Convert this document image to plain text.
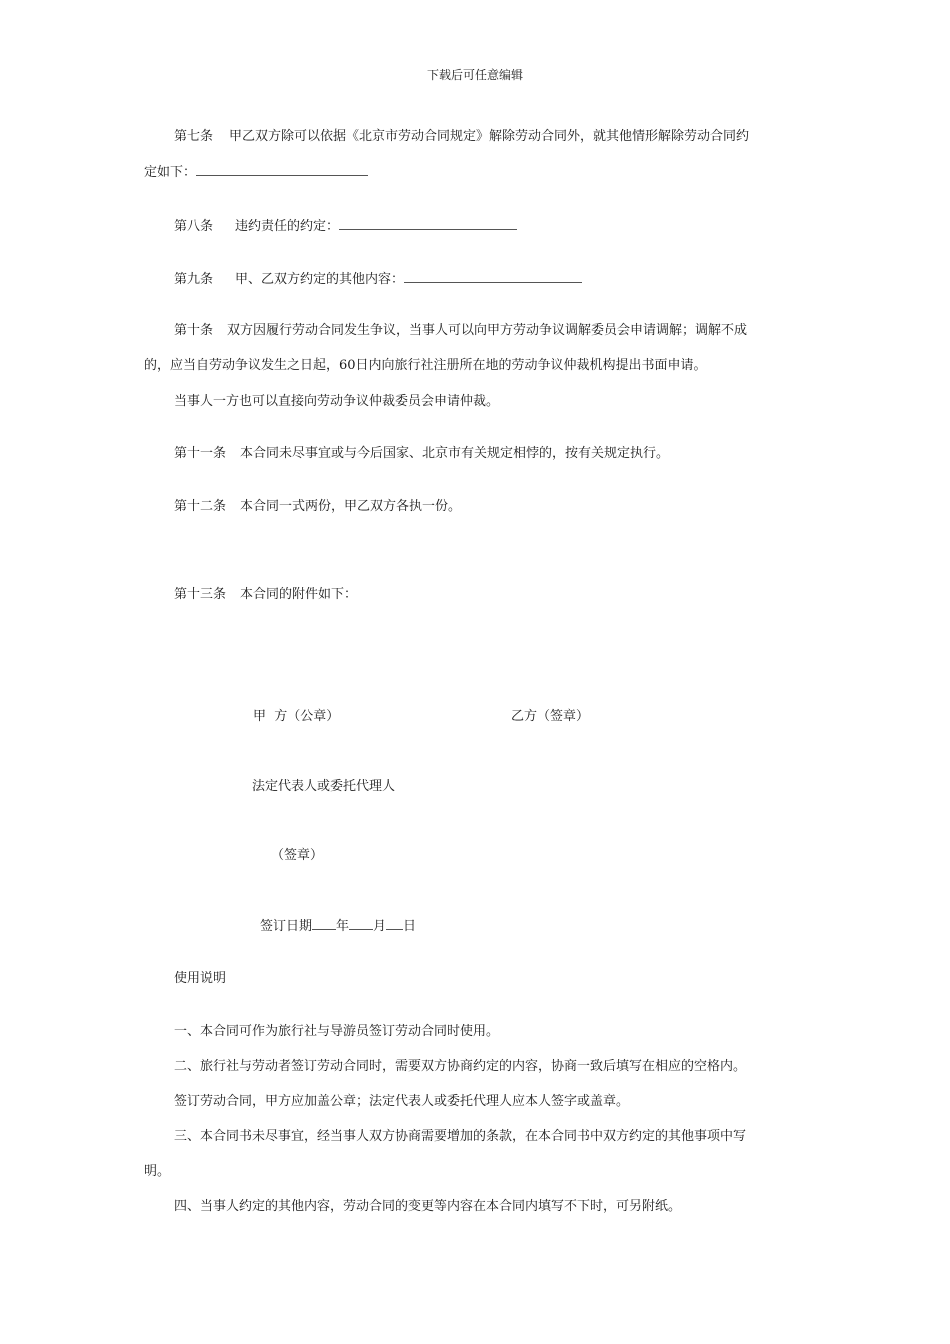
下载后可任意编辑
第七条 甲乙双方除可以依据《北京市劳动合同规定》解除劳动合同外，就其他情形解除劳动合同约
定如下：
第八条 违约责任的约定：
第九条 甲、乙双方约定的其他内容：
第十条 双方因履行劳动合同发生争议，当事人可以向甲方劳动争议调解委员会申请调解；调解不成
的，应当自劳动争议发生之日起，60日内向旅行社注册所在地的劳动争议仲裁机构提出书面申请。
当事人一方也可以直接向劳动争议仲裁委员会申请仲裁。
第十一条 本合同未尽事宜或与今后国家、北京市有关规定相悖的，按有关规定执行。
第十二条 本合同一式两份，甲乙双方各执一份。
第十三条 本合同的附件如下：
甲  方（公章）	乙方（签章）
法定代表人或委托代理人
（签章）
签订日期 年 月 日
使用说明
一、本合同可作为旅行社与导游员签订劳动合同时使用。
二、旅行社与劳动者签订劳动合同时，需要双方协商约定的内容，协商一致后填写在相应的空格内。
签订劳动合同，甲方应加盖公章；法定代表人或委托代理人应本人签字或盖章。
三、本合同书未尽事宜，经当事人双方协商需要增加的条款，在本合同书中双方约定的其他事项中写
明。
四、当事人约定的其他内容，劳动合同的变更等内容在本合同内填写不下时，可另附纸。
